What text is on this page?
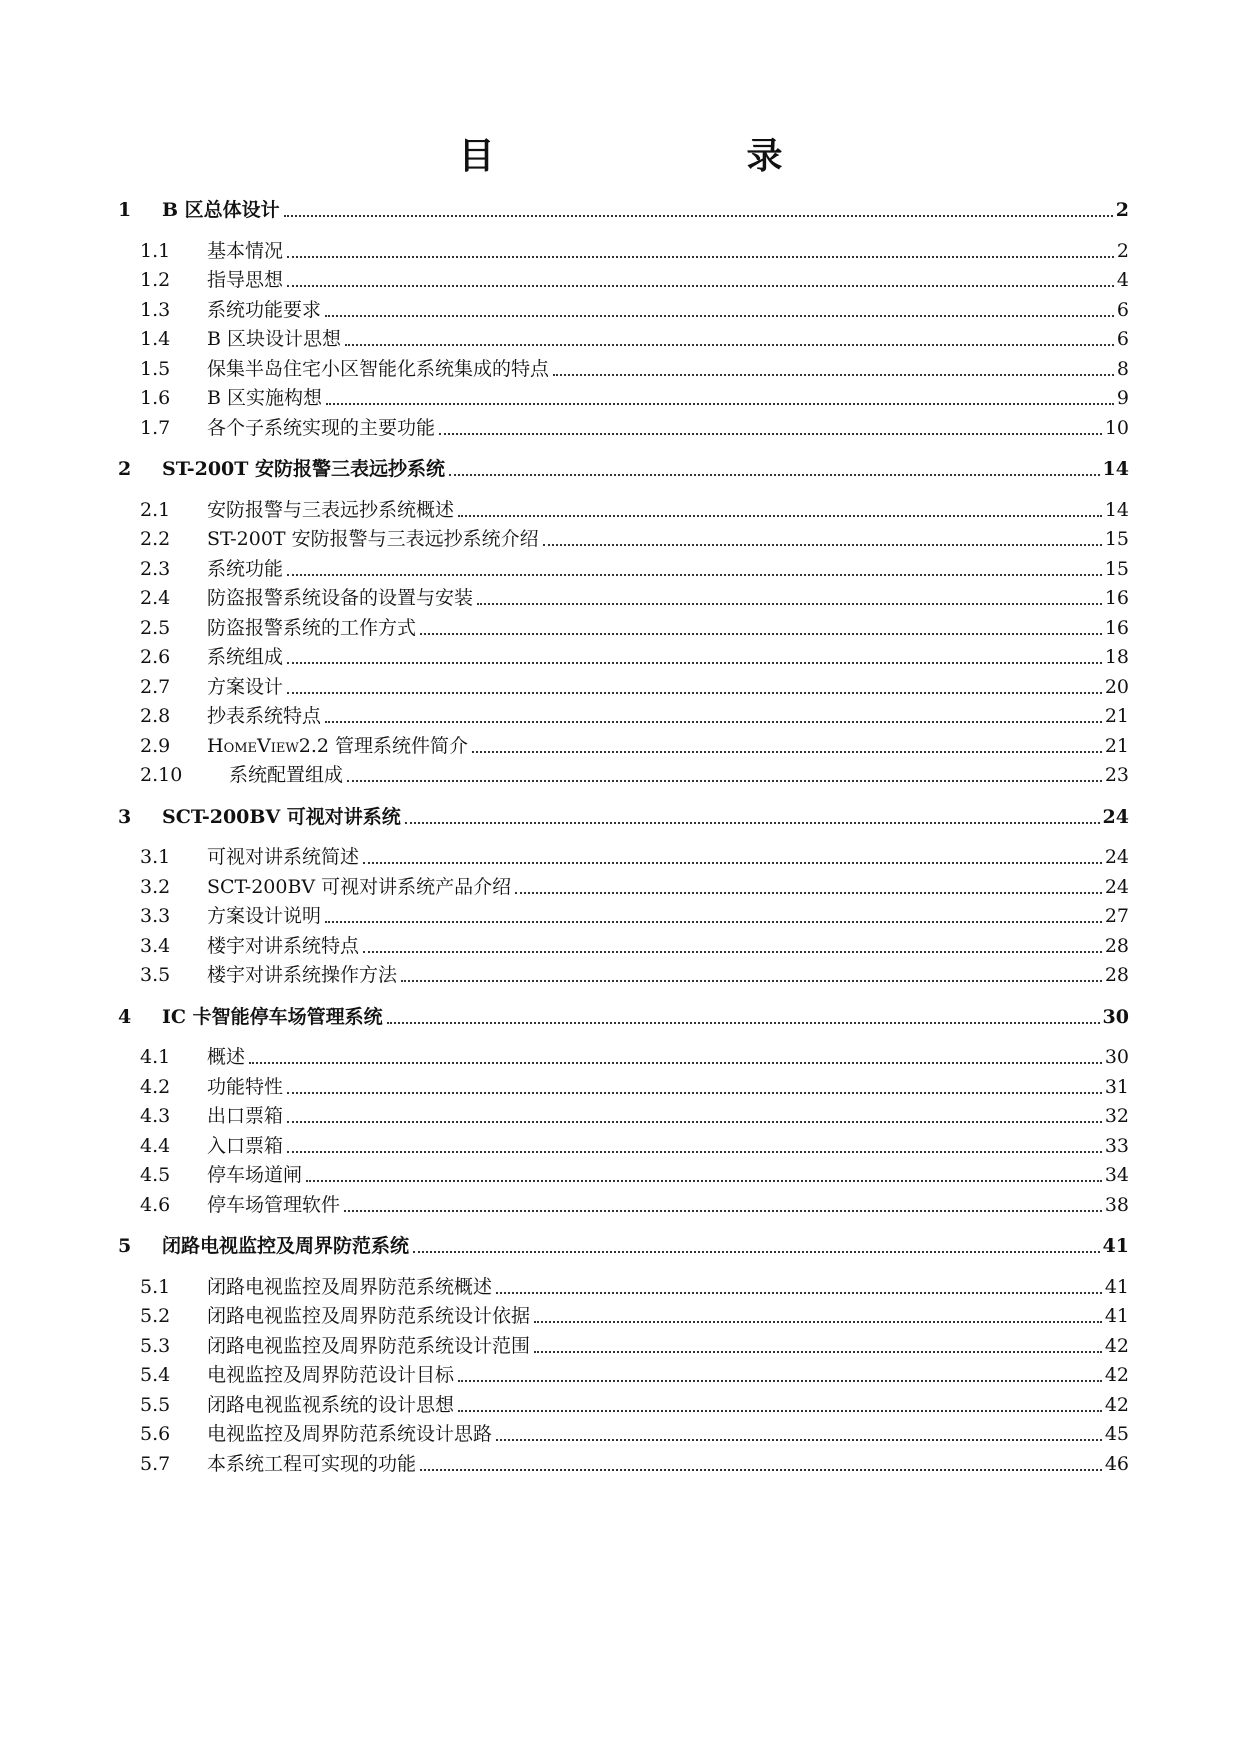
目　　录
1 B 区总体设计	2
1.1 基本情况	2
1.2 指导思想	4
1.3 系统功能要求	6
1.4 B 区块设计思想	6
1.5 保集半岛住宅小区智能化系统集成的特点	8
1.6 B 区实施构想	9
1.7 各个子系统实现的主要功能	10
2 ST-200T 安防报警三表远抄系统	14
2.1 安防报警与三表远抄系统概述	14
2.2 ST-200T 安防报警与三表远抄系统介绍	15
2.3 系统功能	15
2.4 防盗报警系统设备的设置与安装	16
2.5 防盗报警系统的工作方式	16
2.6 系统组成	18
2.7 方案设计	20
2.8 抄表系统特点	21
2.9 HomeView2.2 管理系统件简介	21
2.10 系统配置组成	23
3 SCT-200BV 可视对讲系统	24
3.1 可视对讲系统简述	24
3.2 SCT-200BV 可视对讲系统产品介绍	24
3.3 方案设计说明	27
3.4 楼宇对讲系统特点	28
3.5 楼宇对讲系统操作方法	28
4 IC 卡智能停车场管理系统	30
4.1 概述	30
4.2 功能特性	31
4.3 出口票箱	32
4.4 入口票箱	33
4.5 停车场道闸	34
4.6 停车场管理软件	38
5 闭路电视监控及周界防范系统	41
5.1 闭路电视监控及周界防范系统概述	41
5.2 闭路电视监控及周界防范系统设计依据	41
5.3 闭路电视监控及周界防范系统设计范围	42
5.4 电视监控及周界防范设计目标	42
5.5 闭路电视监视系统的设计思想	42
5.6 电视监控及周界防范系统设计思路	45
5.7 本系统工程可实现的功能	46
